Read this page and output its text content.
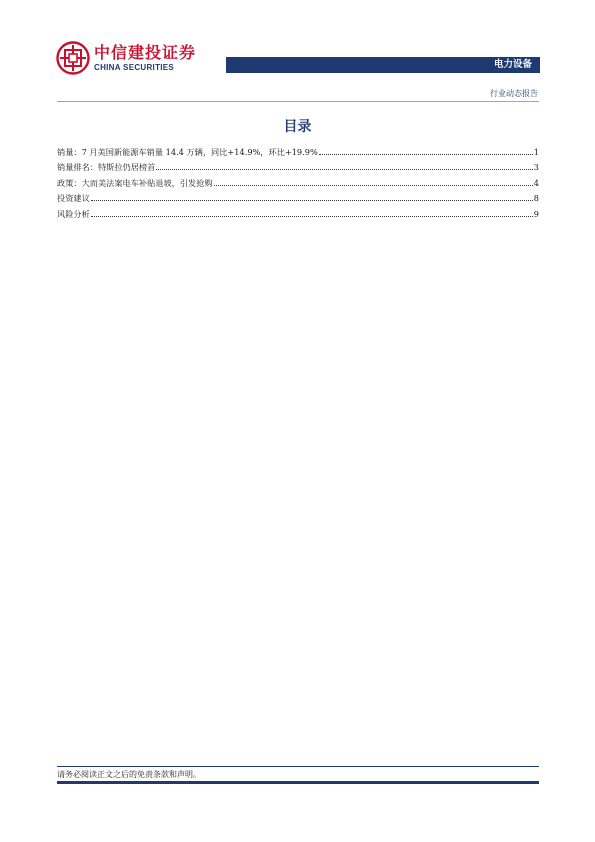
中信建投证券
CHINA SECURITIES	电力设备
行业动态报告
目录
销量：7 月美国新能源车销量 14.4 万辆，同比+14.9%，环比+19.9%	1
销量排名：特斯拉仍居榜首	3
政策：大而美法案电车补贴退坡，引发抢购	4
投资建议	8
风险分析	9
请务必阅读正文之后的免责条款和声明。
